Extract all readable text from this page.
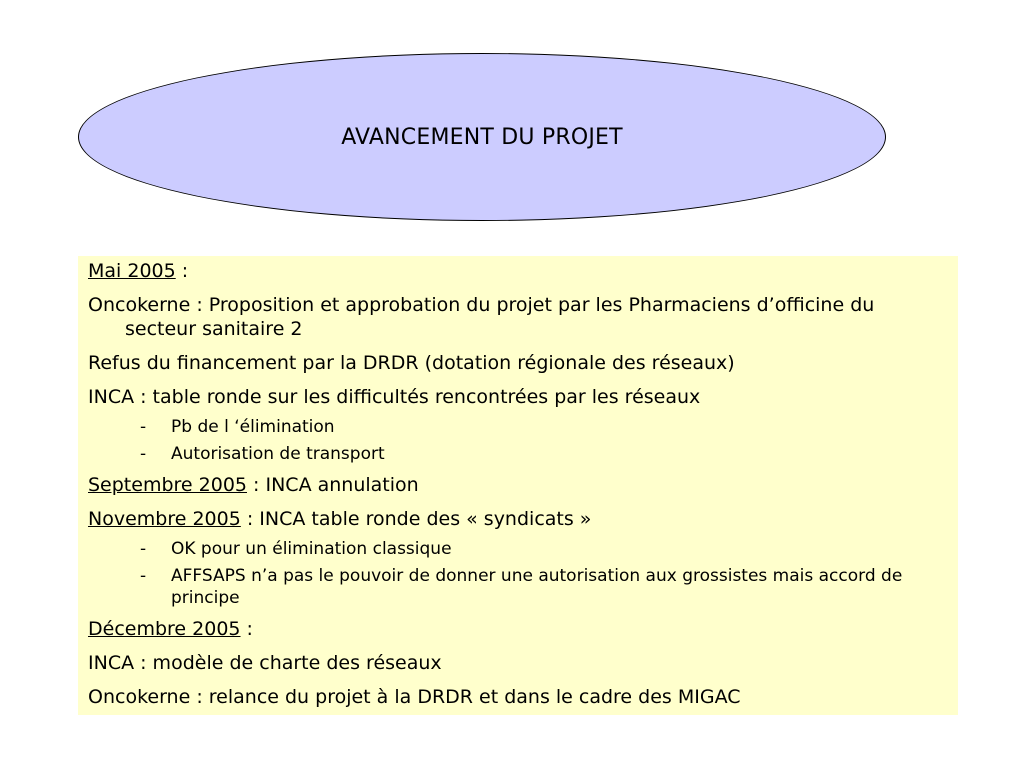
AVANCEMENT DU PROJET
Mai 2005 :
Oncokerne : Proposition et approbation du projet par les Pharmaciens d’officine du secteur sanitaire 2
Refus du financement par la DRDR (dotation régionale des réseaux)
INCA : table ronde sur les difficultés rencontrées par les réseaux
- Pb de l ‘élimination
- Autorisation de transport
Septembre 2005 : INCA annulation
Novembre 2005 : INCA table ronde des « syndicats »
- OK pour un élimination classique
- AFFSAPS n’a pas le pouvoir de donner une autorisation aux grossistes mais accord de principe
Décembre 2005 :
INCA : modèle de charte des réseaux
Oncokerne : relance du projet à la DRDR et dans le cadre des MIGAC
